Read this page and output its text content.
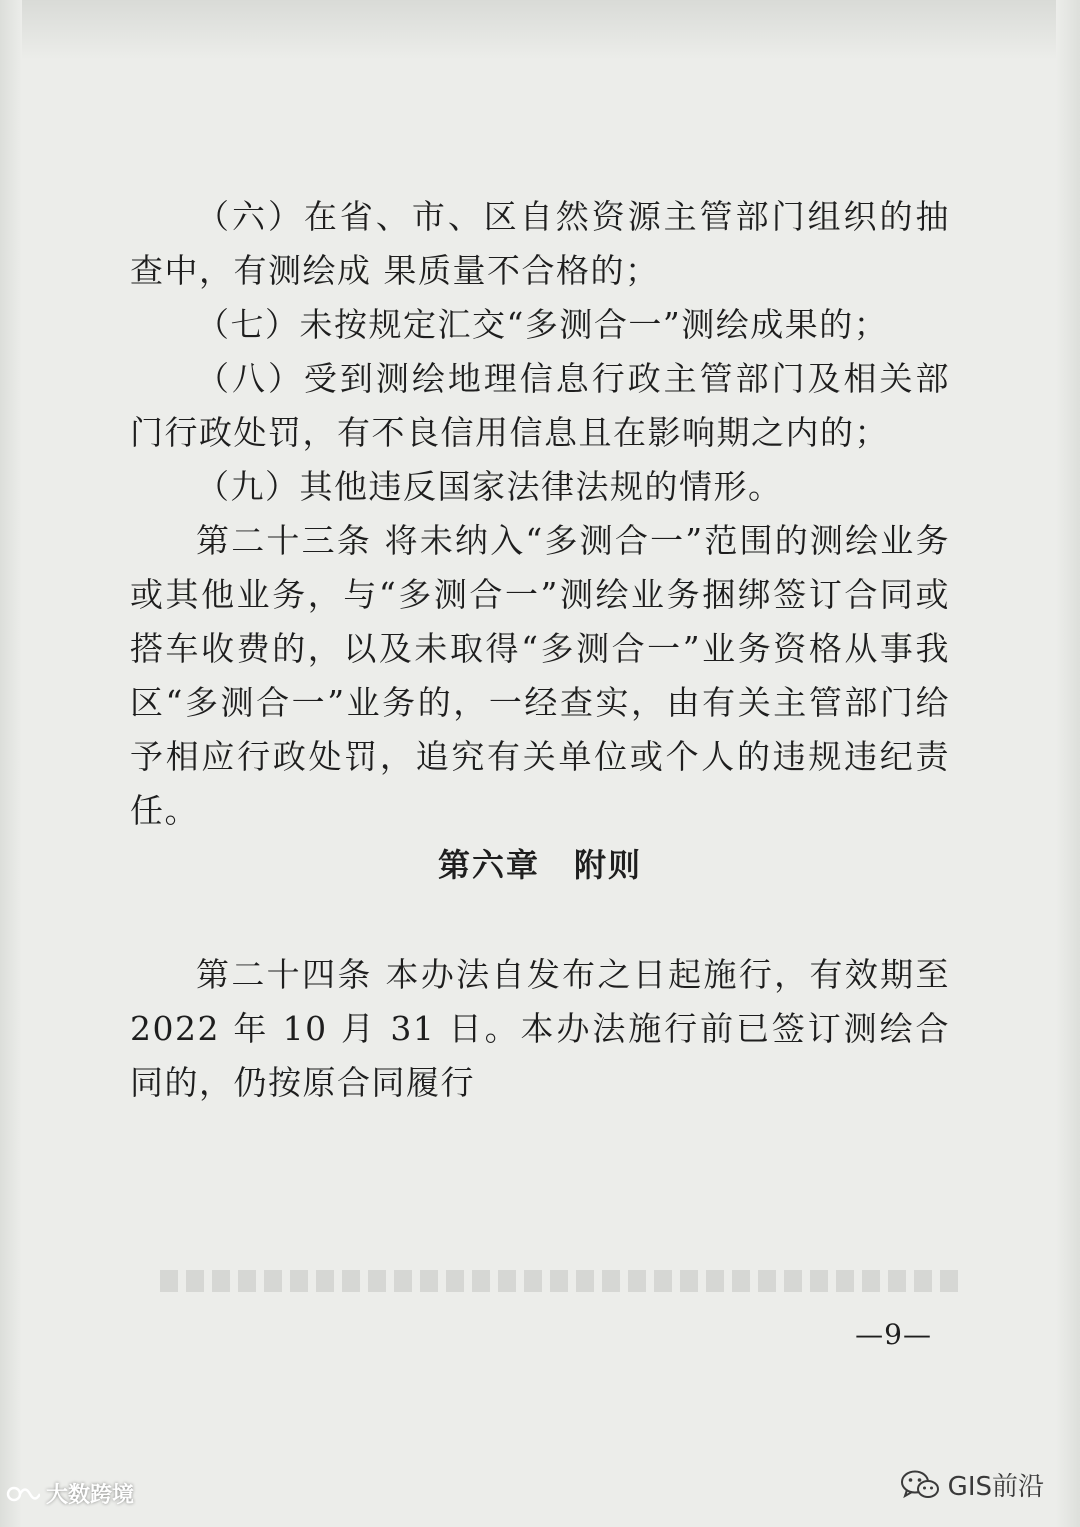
（六）在省、市、区自然资源主管部门组织的抽查中，有测绘成 果质量不合格的；

（七）未按规定汇交“多测合一”测绘成果的；

（八）受到测绘地理信息行政主管部门及相关部门行政处罚，有不良信用信息且在影响期之内的；

（九）其他违反国家法律法规的情形。

第二十三条 将未纳入“多测合一”范围的测绘业务或其他业务，与“多测合一”测绘业务捆绑签订合同或搭车收费的，以及未取得“多测合一”业务资格从事我区“多测合一”业务的，一经查实，由有关主管部门给予相应行政处罚，追究有关单位或个人的违规违纪责任。

第六章　附则

第二十四条 本办法自发布之日起施行，有效期至 2022 年 10 月 31 日。本办法施行前已签订测绘合同的，仍按原合同履行

—9—
大数跨境	GIS前沿
